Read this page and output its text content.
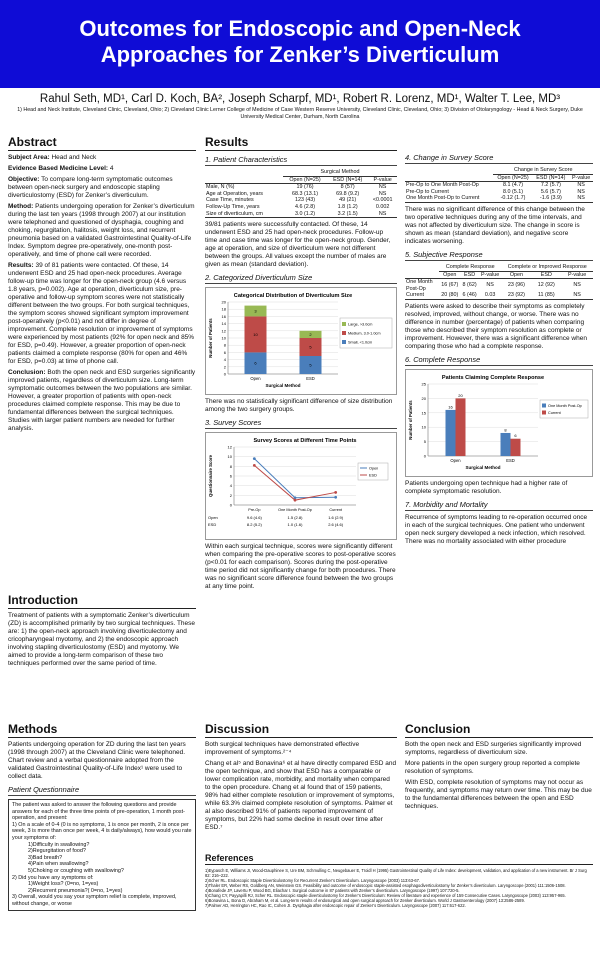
Outcomes for Endoscopic and Open-Neck
Approaches for Zenker’s Diverticulum
Rahul Seth, MD¹, Carl D. Koch, BA², Joseph Scharpf, MD¹, Robert R. Lorenz, MD¹, Walter T. Lee, MD³
1) Head and Neck Institute, Cleveland Clinic, Cleveland, Ohio; 2) Cleveland Clinic Lerner College of Medicine of Case Western Reserve University, Cleveland Clinic, Cleveland, Ohio; 3) Division of Otolaryngology - Head & Neck Surgery, Duke University Medical Center, Durham, North Carolina
Abstract
Subject Area: Head and Neck
Evidence Based Medicine Level: 4
Objective: To compare long-term symptomatic outcomes between open-neck surgery and endoscopic stapling diverticulostomy (ESD) for Zenker’s diverticulum.
Method: Patients undergoing operation for Zenker’s diverticulum during the last ten years (1998 through 2007) at our institution were telephoned and questioned of dysphagia, coughing and choking, regurgitation, halitosis, weight loss, and recurrent pneumonia based on a validated Gastrointestinal Quality-of-Life Index. Symptom degree pre-operatively, one-month post-operatively, and time of phone call were recorded.
Results: 39 of 81 patients were contacted. Of these, 14 underwent ESD and 25 had open-neck procedures. Average follow-up time was longer for the open-neck group (4.6 versus 1.8 years, p=0.002). Age at operation, diverticulum size, pre-operative and follow-up symptom scores were not statistically different between the two groups. For both surgical techniques, the symptom scores showed significant symptom improvement post-operatively (p<0.01) and not differ in degree of improvement. Complete resolution or improvement of symptoms were experienced by most patients (92% for open neck and 85% for ESD, p=0.49). However, a greater proportion of open-neck patients claimed a complete response (80% for open and 46% for ESD, p=0.03) at time of phone call.
Conclusion: Both the open neck and ESD surgeries significantly improved patients, regardless of diverticulum size. Long-term symptomatic outcomes between the two populations are similar. However, a greater proportion of patients with open-neck procedures claimed complete response. This may be due to fundamental differences between the surgical techniques. Studies with larger patient numbers are needed for further analysis.
Introduction
Treatment of patients with a symptomatic Zenker’s diverticulum (ZD) is accomplished primarily by two surgical techniques. These are: 1) the open-neck approach involving diverticulectomy and cricopharyngeal myotomy, and 2) the endoscopic approach involving stapling diverticulostomy (ESD) and myotomy. We aimed to provide a long-term comparison of these two techniques performed over the same period of time.
Methods
Patients undergoing operation for ZD during the last ten years (1998 through 2007) at the Cleveland Clinic were telephoned. Chart review and a verbal questionnaire adopted from the validated Gastrointestinal Quality-of-Life Index¹ were used to collect data.
Patient Questionnaire
The patient was asked to answer the following questions and provide answers for each of the three time points of pre-operation, 1 month post-operation, and present:
1) On a scale of 0-4 (0 is no symptoms, 1 is once per month, 2 is once per week, 3 is more than once per week, 4 is daily/always), how would you rate your symptoms of:
1)Difficulty in swallowing?
2)Regurgitation of food?
3)Bad breath?
4)Pain when swallowing?
5)Choking or coughing with swallowing?
2) Did you have any symptoms of:
1)Weight loss? (0=no, 1=yes)
2)Recurrent pneumonia?( 0=no, 1=yes)
3) Overall, would you say your symptom relief is complete, improved, without change, or worse
Results
1. Patient Characteristics
	Surgical Method		
	Open (N=25)	ESD (N=14)	P-value
Male, N (%)	19 (76)	8 (57)	NS
Age at Operation, years	68.3 (13.1)	69.8 (9.2)	NS
Case Time, minutes	123 (43)	49 (21)	<0.0001
Follow-Up Time, years	4.6 (2.8)	1.8 (1.2)	0.002
Size of diverticulum, cm	3.0 (1.2)	3.2 (1.5)	NS
39/81 patients were successfully contacted. Of these, 14 underwent ESD and 25 had open-neck procedures. Follow-up time and case time was longer for the open-neck group. Gender, age at operation, and size of diverticulum were not different between the groups. All values except the number of males are given as mean (standard deviation).
2. Categorized Diverticulum Size
Categorical Distribution of Diverticulum Size
0
2
4
6
8
10
12
14
16
18
20
Number of Patients
Surgical Method
6
10
3
Open
5
5
2
ESD
Large, >3.0cm
Medium, 3.0-1.0cm
Small, <1.0cm
There was no statistically significant difference of size distribution among the two surgery groups.
3. Survey Scores
Survey Scores at Different Time Points
0
2
4
6
8
10
12
Questionnaire Score
Pre-Op	One Month Post-Op	Current
Open
ESD
Open	9.6 (4.6)	1.5 (2.8)	1.6 (2.9)
ESD	8.2 (5.2)	1.0 (1.6)	2.6 (4.6)
Within each surgical technique, scores were significantly different when comparing the pre-operative scores to post-operative scores (p<0.01 for each comparison). Scores during the post-operative time period did not significantly change for both procedures. There was no significant score difference found between the two groups at any time point.
4. Change in Survey Score
	Change in Survey Score		
	Open (N=25)	ESD (N=14)	P-value
Pre-Op to One Month Post-Op	8.1 (4.7)	7.2 (5.7)	NS
Pre-Op to Current	8.0 (5.1)	5.6 (5.7)	NS
One Month Post-Op to Current	-0.12 (1.7)	-1.6 (3.9)	NS
There was no significant difference of this change between the two operative techniques during any of the time intervals, and was not affected by diverticulum size. The change in score is shown as mean (standard deviation), and negative score indicates worsening.
5. Subjective Response
	Complete Response			Complete or Improved Response		
	Open	ESD	P-value	Open	ESD	P-value
One Month Post-Op	16 (67)	8 (62)	NS	23 (96)	12 (92)	NS
Current	20 (80)	6 (46)	0.03	23 (92)	11 (85)	NS
Patients were asked to describe their symptoms as completely resolved, improved, without change, or worse. There was no difference in number (percentage) of patients when comparing those who described their symptom resolution as complete or improvement. However, there was a significant difference when comparing those who had a complete response.
6. Complete Response
Patients Claiming Complete Response
0
5
10
15
20
25
Number of Patients
Surgical Method
16
20
Open
8
6
ESD
One Month Post-Op
Current
Patients undergoing open technique had a higher rate of complete symptomatic resolution.
7. Morbidity and Mortality
Recurrence of symptoms leading to re-operation occurred once in each of the surgical techniques. One patient who underwent open neck surgery developed a neck infection, which resolved. There was no mortality associated with either procedure
Discussion
Both surgical techniques have demonstrated effective improvement of symptoms.²⁻⁴
Chang et al⁵ and Bonavina⁶ et al have directly compared ESD and the open technique, and show that ESD has a comparable or lower complication rate, morbidity, and mortality when compared to the open procedure. Chang et al found that of 159 patients, 98% had either complete resolution or improvement of symptoms, while 63.3% claimed complete resolution of symptoms. Palmer et al also described 91% of patients reported improvement of symptoms, but 22% had some decline in result over time after ESD.⁷
Conclusion
Both the open neck and ESD surgeries significantly improved symptoms, regardless of diverticulum size.
More patients in the open surgery group reported a complete resolution of symptoms.
With ESD, complete resolution of symptoms may not occur as frequently, and symptoms may return over time. This may be due to the fundamental differences between the open and ESD techniques.
References
1)Eypasch E, Williams JI, Wood-Dauphinee S, Ure BM, Schmulling C, Neugebauer E, Troidl H (1995) Gastrointestinal Quality of Life Index: development, validation, and application of a new instrument. Br J Surg 82: 216–222.
2)Scher RL. Endoscopic Staple Diverticulostomy for Recurrent Zenker’s Diverticulum. Laryngoscope (2003) 113:63-67.
3)Thaler ER, Weber RS, Goldberg AN, Weinstein GS. Feasibility and outcome of endoscopic staple-assisted esophagodiverticulostomy for Zenker’s diverticulum. Laryngoscope (2001) 111:1506-1508.
4)Bonafede JP, Lavertu P, Wood BG, Eliachar I. Surgical outcome in 87 patients with Zenker’s diverticulum. Laryngoscope (1997) 107:720-5.
5)Chang CY, Payyapilli RJ, Scher RL. Endoscopic staple diverticulostomy for Zenker’s Diverticulum: Review of literature and experience of 159 Consecutive Cases. Laryngoscope (2003) 113:957-965.
6)Bonavina L, Bona D, Abraham M, et al. Long-term results of endosurgical and open surgical approach for Zenker diverticulum. World J Gastroenterology (2007) 13:2586-2589.
7)Palmer AD, Herrington HC, Rao IC, Cohen JI. Dysphagia after endoscopic repair of Zenker’s Diverticulum. Laryngoscope (2007) 117:617-622.
